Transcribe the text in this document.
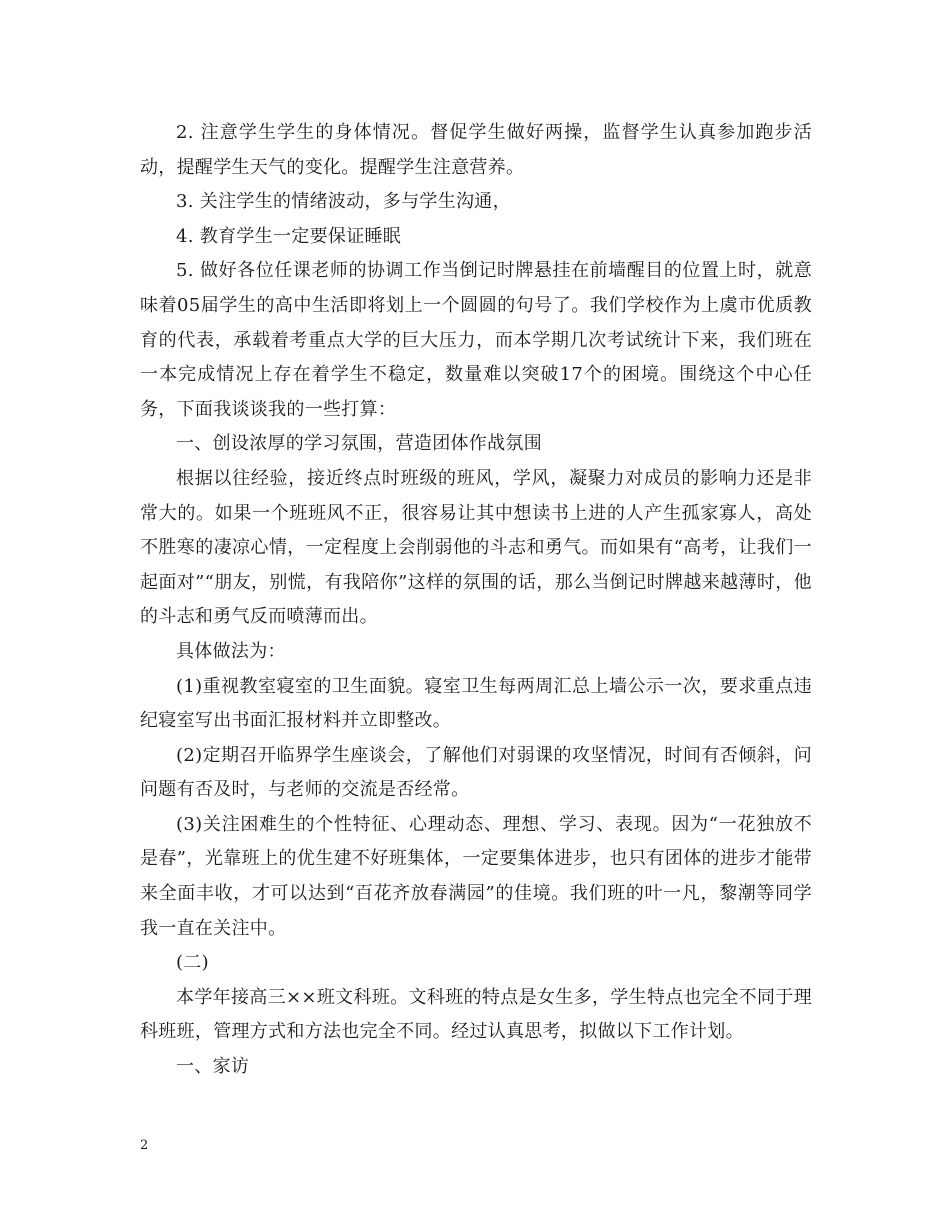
2. 注意学生学生的身体情况。督促学生做好两操，监督学生认真参加跑步活动，提醒学生天气的变化。提醒学生注意营养。

3. 关注学生的情绪波动，多与学生沟通，

4. 教育学生一定要保证睡眠

5. 做好各位任课老师的协调工作当倒记时牌悬挂在前墙醒目的位置上时，就意味着05届学生的高中生活即将划上一个圆圆的句号了。我们学校作为上虞市优质教育的代表，承载着考重点大学的巨大压力，而本学期几次考试统计下来，我们班在一本完成情况上存在着学生不稳定，数量难以突破17个的困境。围绕这个中心任务，下面我谈谈我的一些打算：

一、创设浓厚的学习氛围，营造团体作战氛围

根据以往经验，接近终点时班级的班风，学风，凝聚力对成员的影响力还是非常大的。如果一个班班风不正，很容易让其中想读书上进的人产生孤家寡人，高处不胜寒的凄凉心情，一定程度上会削弱他的斗志和勇气。而如果有“高考，让我们一起面对”“朋友，别慌，有我陪你”这样的氛围的话，那么当倒记时牌越来越薄时，他的斗志和勇气反而喷薄而出。

具体做法为：

(1)重视教室寝室的卫生面貌。寝室卫生每两周汇总上墙公示一次，要求重点违纪寝室写出书面汇报材料并立即整改。

(2)定期召开临界学生座谈会，了解他们对弱课的攻坚情况，时间有否倾斜，问问题有否及时，与老师的交流是否经常。

(3)关注困难生的个性特征、心理动态、理想、学习、表现。因为“一花独放不是春”，光靠班上的优生建不好班集体，一定要集体进步，也只有团体的进步才能带来全面丰收，才可以达到“百花齐放春满园”的佳境。我们班的叶一凡，黎潮等同学我一直在关注中。

(二)

本学年接高三××班文科班。文科班的特点是女生多，学生特点也完全不同于理科班班，管理方式和方法也完全不同。经过认真思考，拟做以下工作计划。

一、家访

2
